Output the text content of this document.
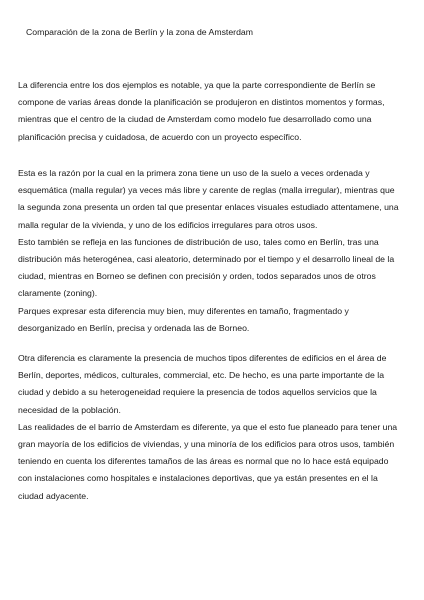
Comparación de la zona de Berlín y la zona de Amsterdam

La diferencia entre los dos ejemplos es notable, ya que la parte correspondiente de Berlín se
compone de varias áreas donde la planificación se produjeron en distintos momentos y formas,
mientras que el centro de la ciudad de Amsterdam como modelo fue desarrollado como una
planificación precisa y cuidadosa, de acuerdo con un proyecto específico.

Esta es la razón por la cual en la primera zona tiene un uso de la suelo a veces ordenada y
esquemática (malla regular) ya veces más libre y carente de reglas (malla irregular), mientras que
la segunda zona presenta un orden tal que presentar enlaces visuales estudiado attentamene, una
malla regular de la vivienda, y uno de los edificios irregulares para otros usos.
Esto también se refleja en las funciones de distribución de uso, tales como en Berlín, tras una
distribución más heterogénea, casi aleatorio, determinado por el tiempo y el desarrollo lineal de la
ciudad, mientras en Borneo se definen con precisión y orden, todos separados unos de otros
claramente (zoning).
Parques expresar esta diferencia muy bien, muy diferentes en tamaño, fragmentado y
desorganizado en Berlín, precisa y ordenada las de Borneo.

Otra diferencia es claramente la presencia de muchos tipos diferentes de edificios en el área de
Berlín, deportes, médicos, culturales, commercial, etc. De hecho, es una parte importante de la
ciudad y debido a su heterogeneidad requiere la presencia de todos aquellos servicios que la
necesidad de la población.
Las realidades de el barrio de Amsterdam es diferente, ya que el esto fue planeado para tener una
gran mayoría de los edificios de viviendas, y una minoría de los edificios para otros usos, también
teniendo en cuenta los diferentes tamaños de las áreas es normal que no lo hace está equipado
con instalaciones como hospitales e instalaciones deportivas, que ya están presentes en el la
ciudad adyacente.
